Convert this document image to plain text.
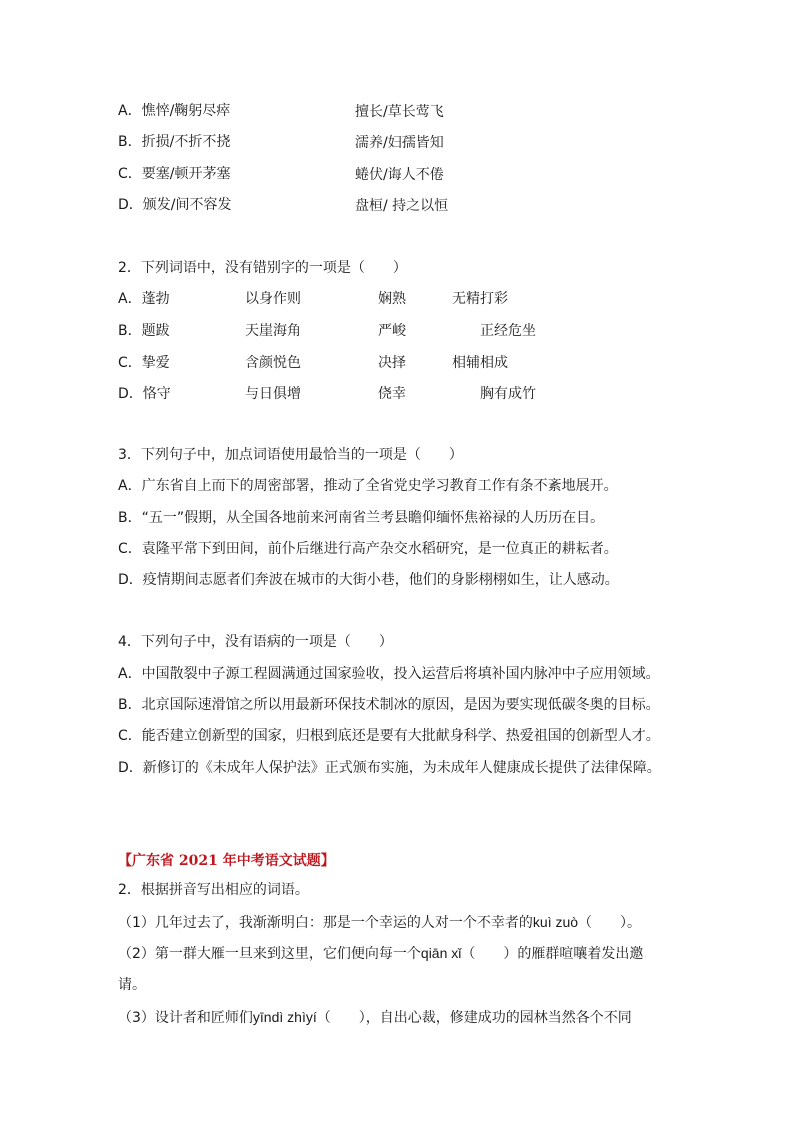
A．憔悴/鞠躬尽瘁	擅长/草长莺飞
B．折损/不折不挠	濡养/妇孺皆知
C．要塞/顿开茅塞	蜷伏/诲人不倦
D．颁发/间不容发	盘桓/ 持之以恒
2．下列词语中，没有错别字的一项是（　　）
A．蓬勃	以身作则	娴熟	无精打彩
B．题跋	天崖海角	严峻	正经危坐
C．挚爱	含颜悦色	决择	相辅相成
D．恪守	与日俱增	侥幸	胸有成竹
3．下列句子中，加点词语使用最恰当的一项是（　　）
A．广东省自上而下的周密部署，推动了全省党史学习教育工作有条不紊地展开。
B．“五一”假期，从全国各地前来河南省兰考县瞻仰缅怀焦裕禄的人历历在目。
C．袁隆平常下到田间，前仆后继进行高产杂交水稻研究，是一位真正的耕耘者。
D．疫情期间志愿者们奔波在城市的大街小巷，他们的身影栩栩如生，让人感动。
4．下列句子中，没有语病的一项是（　　）
A．中国散裂中子源工程圆满通过国家验收，投入运营后将填补国内脉冲中子应用领域。
B．北京国际速滑馆之所以用最新环保技术制冰的原因，是因为要实现低碳冬奥的目标。
C．能否建立创新型的国家，归根到底还是要有大批献身科学、热爱祖国的创新型人才。
D．新修订的《未成年人保护法》正式颁布实施，为未成年人健康成长提供了法律保障。
【广东省 2021 年中考语文试题】
2．根据拼音写出相应的词语。
（1）几年过去了，我渐渐明白：那是一个幸运的人对一个不幸者的kuì zuò（　　）。
（2）第一群大雁一旦来到这里，它们便向每一个qiān xǐ（　　）的雁群喧嚷着发出邀
请。
（3）设计者和匠师们yīndì zhìyí（　　），自出心裁，修建成功的园林当然各个不同
